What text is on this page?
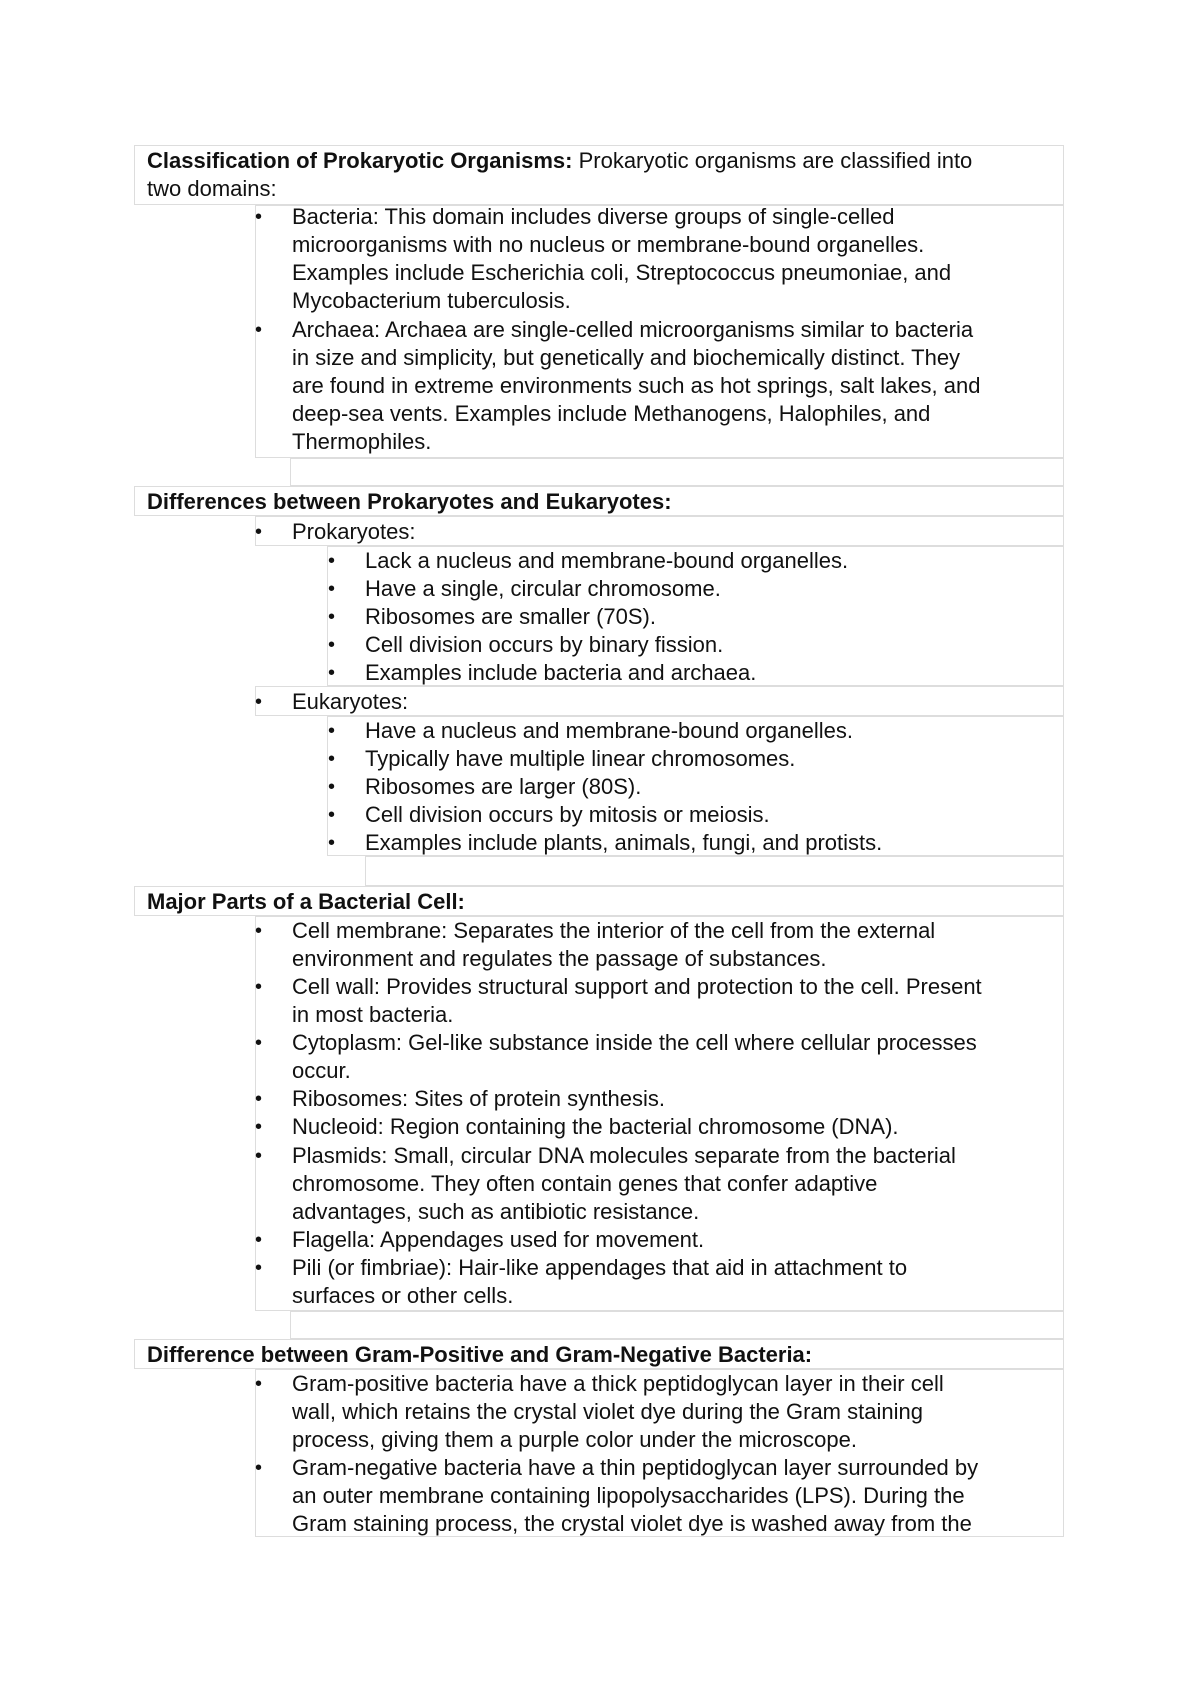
Classification of Prokaryotic Organisms: Prokaryotic organisms are classified into
two domains:
• Bacteria: This domain includes diverse groups of single-celled
microorganisms with no nucleus or membrane-bound organelles.
Examples include Escherichia coli, Streptococcus pneumoniae, and
Mycobacterium tuberculosis.
• Archaea: Archaea are single-celled microorganisms similar to bacteria
in size and simplicity, but genetically and biochemically distinct. They
are found in extreme environments such as hot springs, salt lakes, and
deep-sea vents. Examples include Methanogens, Halophiles, and
Thermophiles.
Differences between Prokaryotes and Eukaryotes:
• Prokaryotes:
• Lack a nucleus and membrane-bound organelles.
• Have a single, circular chromosome.
• Ribosomes are smaller (70S).
• Cell division occurs by binary fission.
• Examples include bacteria and archaea.
• Eukaryotes:
• Have a nucleus and membrane-bound organelles.
• Typically have multiple linear chromosomes.
• Ribosomes are larger (80S).
• Cell division occurs by mitosis or meiosis.
• Examples include plants, animals, fungi, and protists.
Major Parts of a Bacterial Cell:
• Cell membrane: Separates the interior of the cell from the external
environment and regulates the passage of substances.
• Cell wall: Provides structural support and protection to the cell. Present
in most bacteria.
• Cytoplasm: Gel-like substance inside the cell where cellular processes
occur.
• Ribosomes: Sites of protein synthesis.
• Nucleoid: Region containing the bacterial chromosome (DNA).
• Plasmids: Small, circular DNA molecules separate from the bacterial
chromosome. They often contain genes that confer adaptive
advantages, such as antibiotic resistance.
• Flagella: Appendages used for movement.
• Pili (or fimbriae): Hair-like appendages that aid in attachment to
surfaces or other cells.
Difference between Gram-Positive and Gram-Negative Bacteria:
• Gram-positive bacteria have a thick peptidoglycan layer in their cell
wall, which retains the crystal violet dye during the Gram staining
process, giving them a purple color under the microscope.
• Gram-negative bacteria have a thin peptidoglycan layer surrounded by
an outer membrane containing lipopolysaccharides (LPS). During the
Gram staining process, the crystal violet dye is washed away from the
